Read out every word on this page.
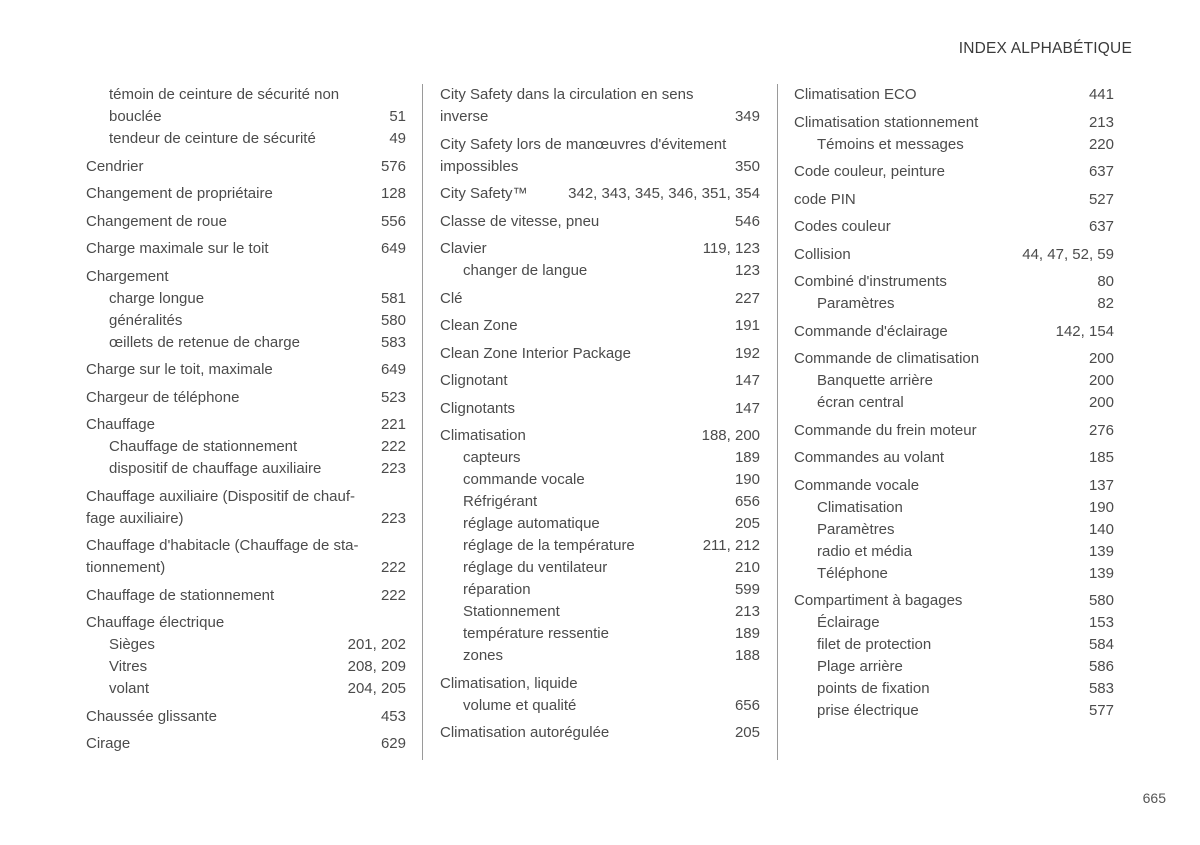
INDEX ALPHABÉTIQUE
témoin de ceinture de sécurité non
bouclée	51
tendeur de ceinture de sécurité	49
Cendrier	576
Changement de propriétaire	128
Changement de roue	556
Charge maximale sur le toit	649
Chargement
charge longue	581
généralités	580
œillets de retenue de charge	583
Charge sur le toit, maximale	649
Chargeur de téléphone	523
Chauffage	221
Chauffage de stationnement	222
dispositif de chauffage auxiliaire	223
Chauffage auxiliaire (Dispositif de chauf-
fage auxiliaire)	223
Chauffage d'habitacle (Chauffage de sta-
tionnement)	222
Chauffage de stationnement	222
Chauffage électrique
Sièges	201, 202
Vitres	208, 209
volant	204, 205
Chaussée glissante	453
Cirage	629
City Safety dans la circulation en sens
inverse	349
City Safety lors de manœuvres d'évitement
impossibles	350
City Safety™	342, 343, 345, 346, 351, 354
Classe de vitesse, pneu	546
Clavier	119, 123
changer de langue	123
Clé	227
Clean Zone	191
Clean Zone Interior Package	192
Clignotant	147
Clignotants	147
Climatisation	188, 200
capteurs	189
commande vocale	190
Réfrigérant	656
réglage automatique	205
réglage de la température	211, 212
réglage du ventilateur	210
réparation	599
Stationnement	213
température ressentie	189
zones	188
Climatisation, liquide
volume et qualité	656
Climatisation autorégulée	205
Climatisation ECO	441
Climatisation stationnement	213
Témoins et messages	220
Code couleur, peinture	637
code PIN	527
Codes couleur	637
Collision	44, 47, 52, 59
Combiné d'instruments	80
Paramètres	82
Commande d'éclairage	142, 154
Commande de climatisation	200
Banquette arrière	200
écran central	200
Commande du frein moteur	276
Commandes au volant	185
Commande vocale	137
Climatisation	190
Paramètres	140
radio et média	139
Téléphone	139
Compartiment à bagages	580
Éclairage	153
filet de protection	584
Plage arrière	586
points de fixation	583
prise électrique	577
665
